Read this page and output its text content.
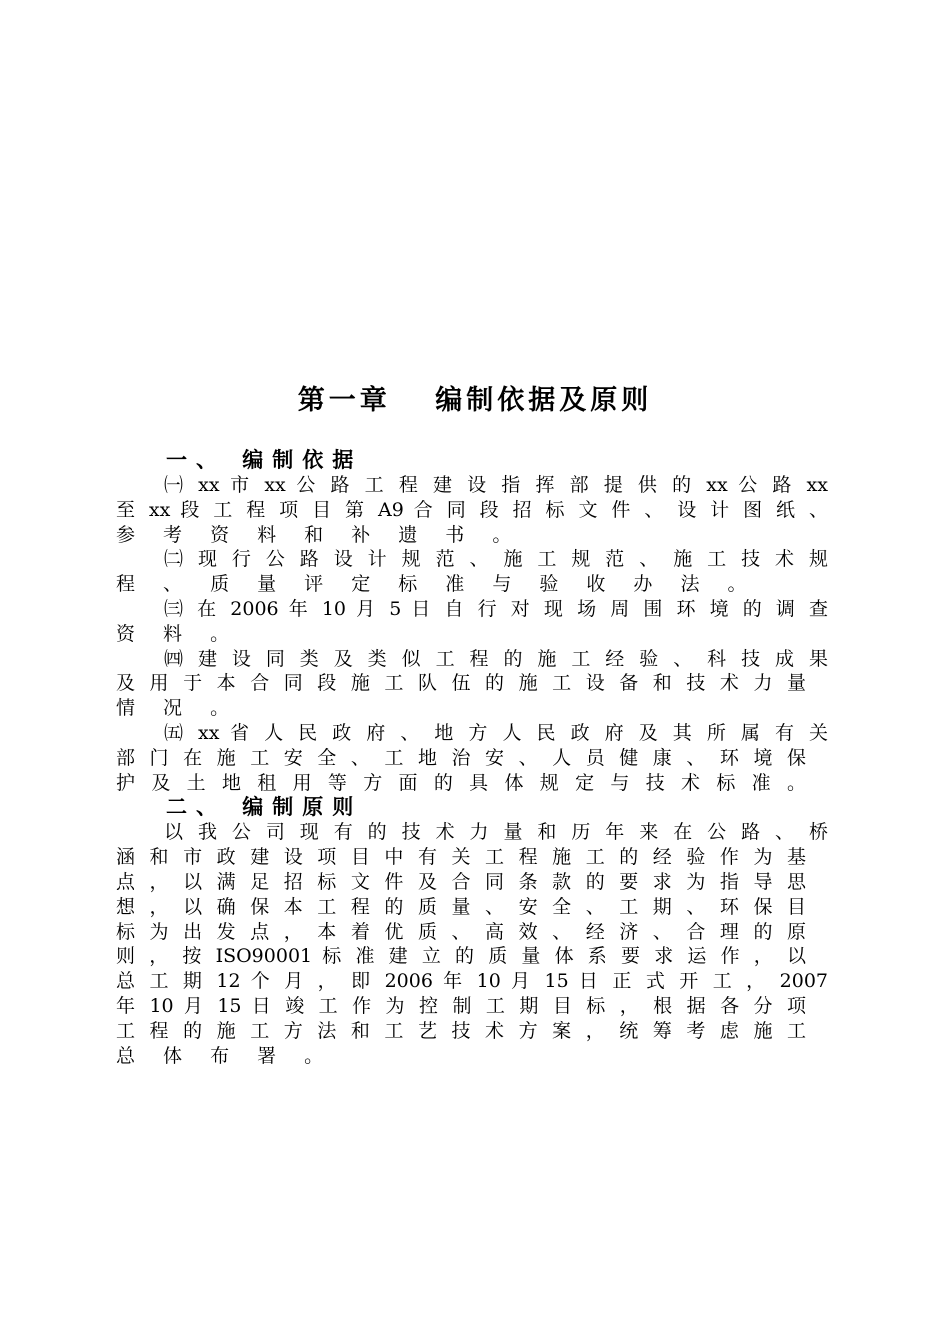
第一章　 编制依据及原则
一、 编制依据
㈠ xx 市 xx 公 路 工 程 建 设 指 挥 部 提 供 的 xx 公 路 xx
至 xx 段 工 程 项 目 第 A9 合 同 段 招 标 文 件 、 设 计 图 纸 、
参 考 资 料 和 补 遗 书 。
㈡ 现 行 公 路 设 计 规 范 、 施 工 规 范 、 施 工 技 术 规
程 、 质 量 评 定 标 准 与 验 收 办 法 。
㈢ 在 2006 年 10 月 5 日 自 行 对 现 场 周 围 环 境 的 调 查
资 料 。
㈣ 建 设 同 类 及 类 似 工 程 的 施 工 经 验 、 科 技 成 果
及 用 于 本 合 同 段 施 工 队 伍 的 施 工 设 备 和 技 术 力 量
情 况 。
㈤ xx 省 人 民 政 府 、 地 方 人 民 政 府 及 其 所 属 有 关
部 门 在 施 工 安 全 、 工 地 治 安 、 人 员 健 康 、 环 境 保
护 及 土 地 租 用 等 方 面 的 具 体 规 定 与 技 术 标 准 。
二、 编制原则
以 我 公 司 现 有 的 技 术 力 量 和 历 年 来 在 公 路 、 桥
涵 和 市 政 建 设 项 目 中 有 关 工 程 施 工 的 经 验 作 为 基
点 ， 以 满 足 招 标 文 件 及 合 同 条 款 的 要 求 为 指 导 思
想 ， 以 确 保 本 工 程 的 质 量 、 安 全 、 工 期 、 环 保 目
标 为 出 发 点 ， 本 着 优 质 、 高 效 、 经 济 、 合 理 的 原
则 ， 按 ISO90001 标 准 建 立 的 质 量 体 系 要 求 运 作 ， 以
总 工 期 12 个 月 ， 即 2006 年 10 月 15 日 正 式 开 工 ， 2007
年 10 月 15 日 竣 工 作 为 控 制 工 期 目 标 ， 根 据 各 分 项
工 程 的 施 工 方 法 和 工 艺 技 术 方 案 ， 统 筹 考 虑 施 工
总 体 布 署 。
